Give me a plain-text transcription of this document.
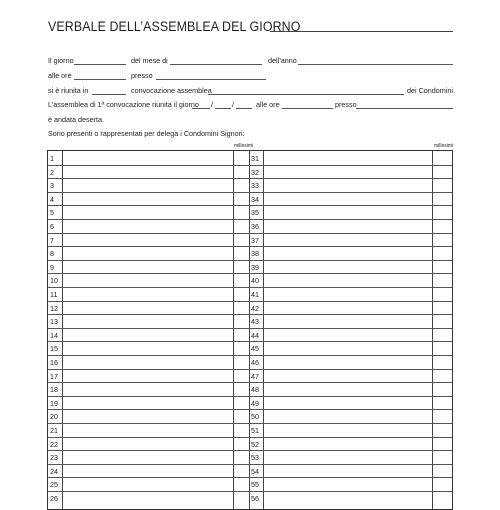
VERBALE DELL’ASSEMBLEA DEL GIORNO
Il giorno	del mese di	dell’anno
alle ore	presso
si è riunita in	convocazione assemblea	dei Condomini.
L’assemblea di 1ª convocazione riunita il giorno /	/	alle ore	presso
è andata deserta.
Sono presenti o rappresentati per delega i Condomini Signori:
millesimi	millesimi
1	31
2	32
3	33
4	34
5	35
6	36
7	37
8	38
9	39
10	40
11	41
12	42
13	43
14	44
15	45
16	46
17	47
18	48
19	49
20	50
21	51
22	52
23	53
24	54
25	55
26	56
